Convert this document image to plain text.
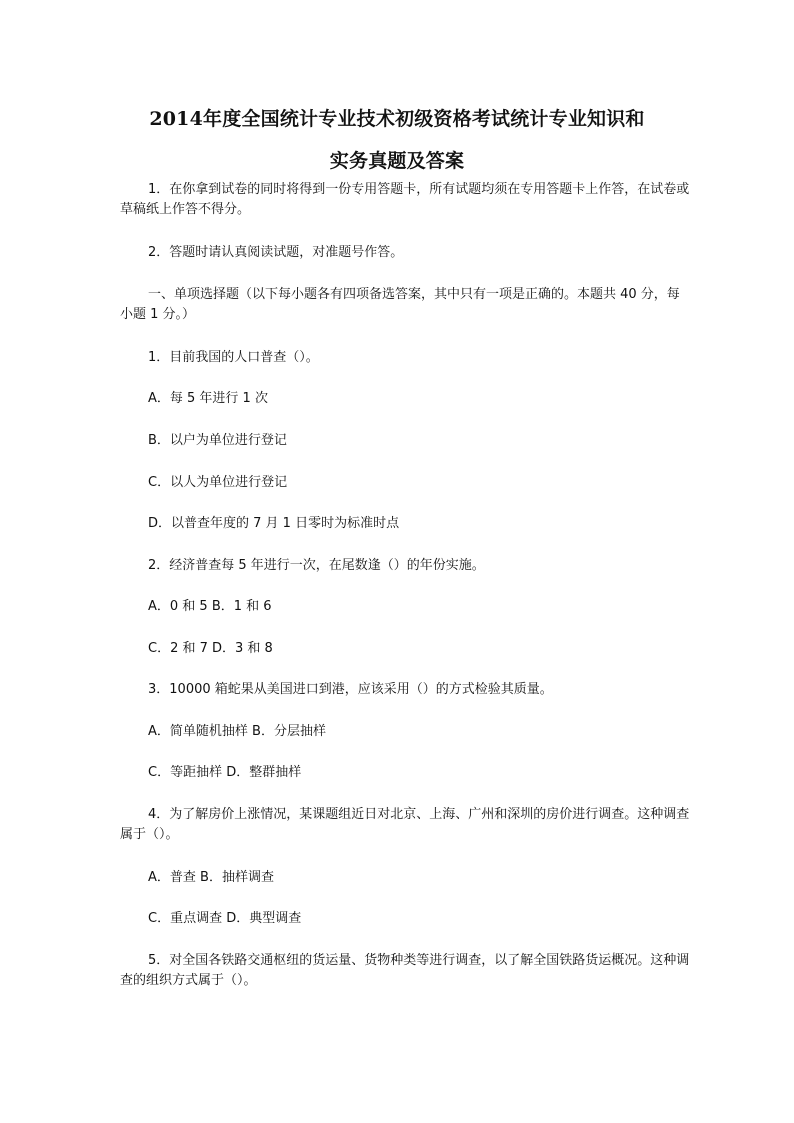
2014年度全国统计专业技术初级资格考试统计专业知识和
实务真题及答案

1．在你拿到试卷的同时将得到一份专用答题卡，所有试题均须在专用答题卡上作答，在试卷或草稿纸上作答不得分。

2．答题时请认真阅读试题，对准题号作答。

一、单项选择题（以下每小题各有四项备选答案，其中只有一项是正确的。本题共 40 分，每小题 1 分。）

1．目前我国的人口普查（）。

A．每 5 年进行 1 次

B．以户为单位进行登记

C．以人为单位进行登记

D．以普查年度的 7 月 1 日零时为标准时点

2．经济普查每 5 年进行一次，在尾数逢（）的年份实施。

A．0 和 5 B．1 和 6

C．2 和 7 D．3 和 8

3．10000 箱蛇果从美国进口到港，应该采用（）的方式检验其质量。

A．简单随机抽样 B．分层抽样

C．等距抽样 D．整群抽样

4．为了解房价上涨情况，某课题组近日对北京、上海、广州和深圳的房价进行调查。这种调查属于（）。

A．普查 B．抽样调查

C．重点调查 D．典型调查

5．对全国各铁路交通枢纽的货运量、货物种类等进行调查，以了解全国铁路货运概况。这种调查的组织方式属于（）。
